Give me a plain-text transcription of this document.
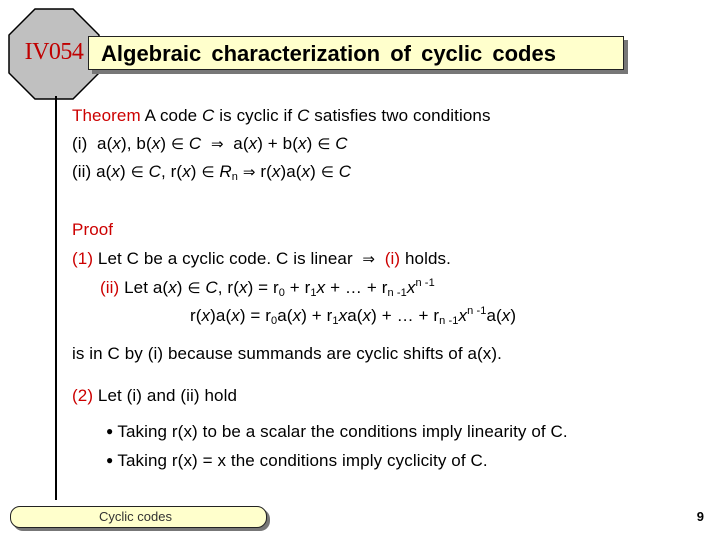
IV054 Algebraic characterization of cyclic codes
Theorem A code C is cyclic if C satisfies two conditions
(i)  a(x), b(x) ∈ C ⇒  a(x) + b(x) ∈ C
(ii) a(x) ∈ C, r(x) ∈ $R_n$ ⇒ r(x)a(x) ∈ C
Proof
(1) Let C be a cyclic code. C is linear ⇒ (i) holds.
(ii) Let a(x) ∈ C, $r(x) = r_0 + r_1x$ + … + $r_{n -1}x^{n -1}$
$r(x)a(x) = r_0a(x) + r_1xa(x)$ + … + $r_{n -1}x^{n -1}a(x)$
is in C by (i) because summands are cyclic shifts of a(x).
(2) Let (i) and (ii) hold
● Taking r(x) to be a scalar the conditions imply linearity of C.
● Taking r(x) = x the conditions imply cyclicity of C.
Cyclic codes	9
